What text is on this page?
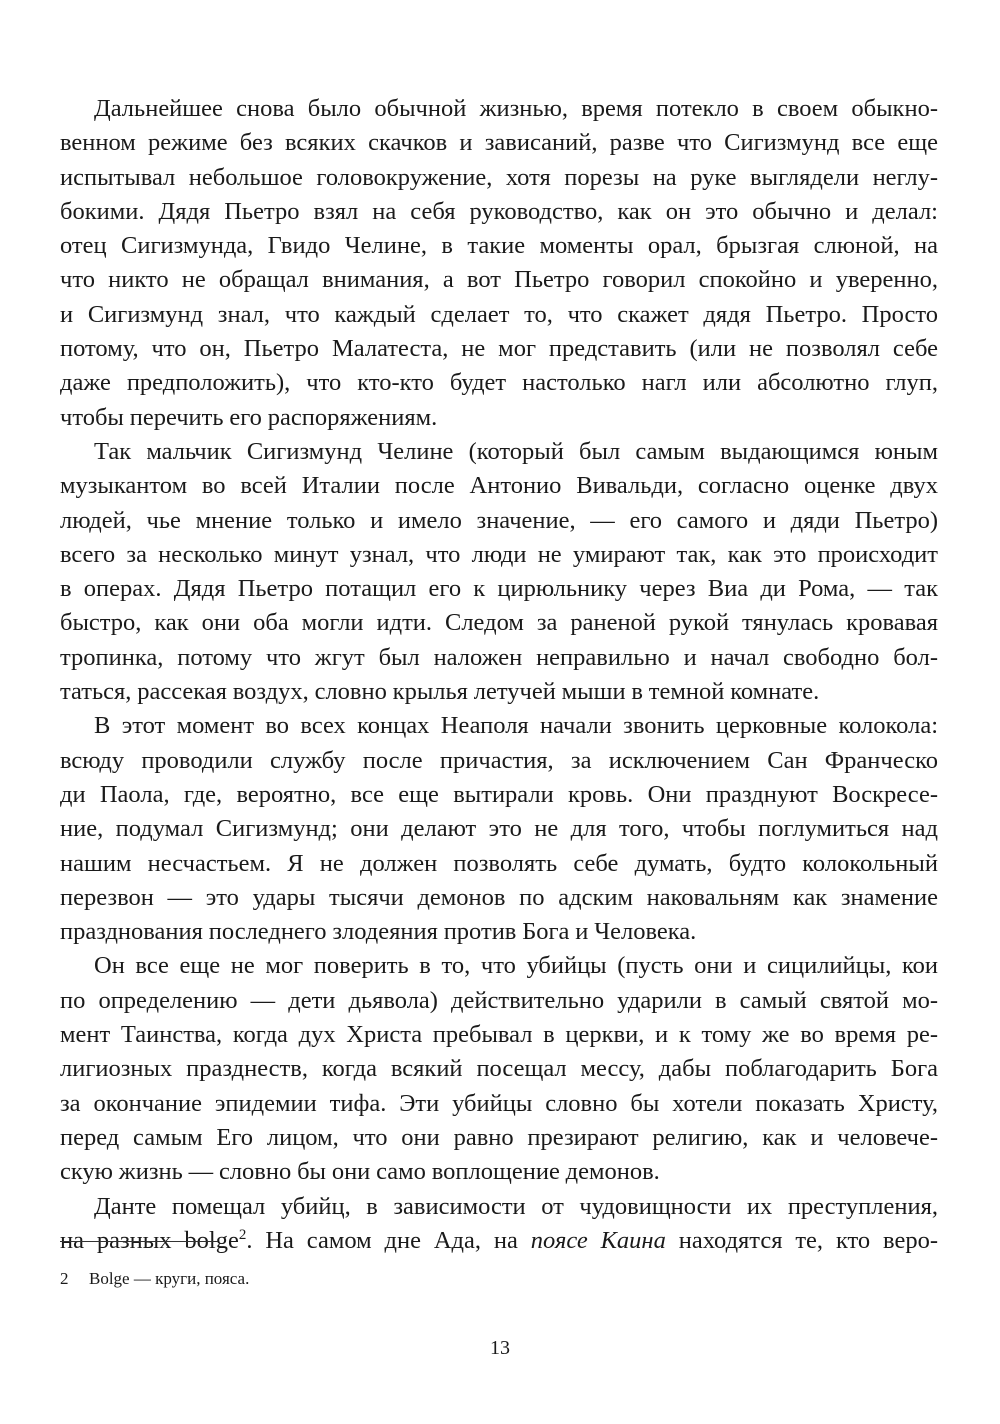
Дальнейшее снова было обычной жизнью, время потекло в своем обыкно-
венном режиме без всяких скачков и зависаний, разве что Сигизмунд все еще
испытывал небольшое головокружение, хотя порезы на руке выглядели неглу-
бокими. Дядя Пьетро взял на себя руководство, как он это обычно и делал:
отец Сигизмунда, Гвидо Челине, в такие моменты орал, брызгая слюной, на
что никто не обращал внимания, а вот Пьетро говорил спокойно и уверенно,
и Сигизмунд знал, что каждый сделает то, что скажет дядя Пьетро. Просто
потому, что он, Пьетро Малатеста, не мог представить (или не позволял себе
даже предположить), что кто-кто будет настолько нагл или абсолютно глуп,
чтобы перечить его распоряжениям.

Так мальчик Сигизмунд Челине (который был самым выдающимся юным
музыкантом во всей Италии после Антонио Вивальди, согласно оценке двух
людей, чье мнение только и имело значение, — его самого и дяди Пьетро)
всего за несколько минут узнал, что люди не умирают так, как это происходит
в операх. Дядя Пьетро потащил его к цирюльнику через Виа ди Рома, — так
быстро, как они оба могли идти. Следом за раненой рукой тянулась кровавая
тропинка, потому что жгут был наложен неправильно и начал свободно бол-
таться, рассекая воздух, словно крылья летучей мыши в темной комнате.

В этот момент во всех концах Неаполя начали звонить церковные колокола:
всюду проводили службу после причастия, за исключением Сан Франческо
ди Паола, где, вероятно, все еще вытирали кровь. Они празднуют Воскресе-
ние, подумал Сигизмунд; они делают это не для того, чтобы поглумиться над
нашим несчастьем. Я не должен позволять себе думать, будто колокольный
перезвон — это удары тысячи демонов по адским наковальням как знамение
празднования последнего злодеяния против Бога и Человека.

Он все еще не мог поверить в то, что убийцы (пусть они и сицилийцы, кои
по определению — дети дьявола) действительно ударили в самый святой мо-
мент Таинства, когда дух Христа пребывал в церкви, и к тому же во время ре-
лигиозных празднеств, когда всякий посещал мессу, дабы поблагодарить Бога
за окончание эпидемии тифа. Эти убийцы словно бы хотели показать Христу,
перед самым Его лицом, что они равно презирают религию, как и человече-
скую жизнь — словно бы они само воплощение демонов.

Данте помещал убийц, в зависимости от чудовищности их преступления,
на разных bolge$^2$. На самом дне Ада, на поясе Каина находятся те, кто веро-

2 Bolge — круги, пояса.
13
